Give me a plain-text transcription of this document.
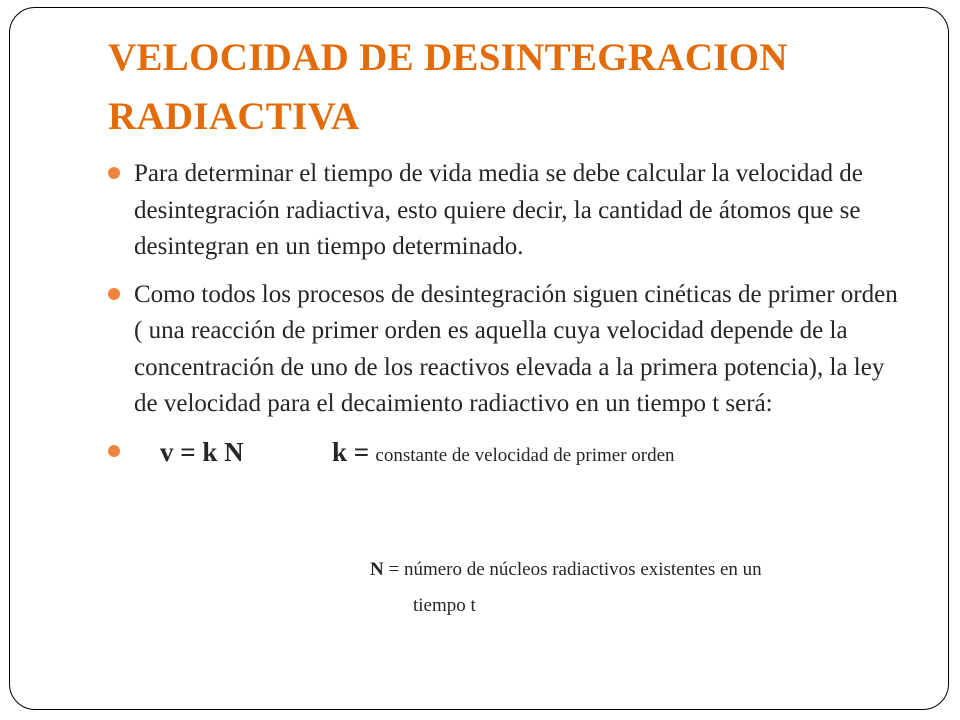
VELOCIDAD DE DESINTEGRACION RADIACTIVA
Para determinar el tiempo de vida media se debe calcular la velocidad de desintegración radiactiva, esto quiere decir, la cantidad de átomos que se desintegran en un tiempo determinado.
Como todos los procesos de desintegración siguen cinéticas de primer orden ( una reacción de primer orden es aquella cuya velocidad depende de la concentración de uno de los reactivos elevada a la primera potencia), la ley de velocidad para el decaimiento radiactivo en un tiempo t será:
v = k N	k = constante de velocidad de primer orden
N = número de núcleos radiactivos existentes en un
tiempo t
